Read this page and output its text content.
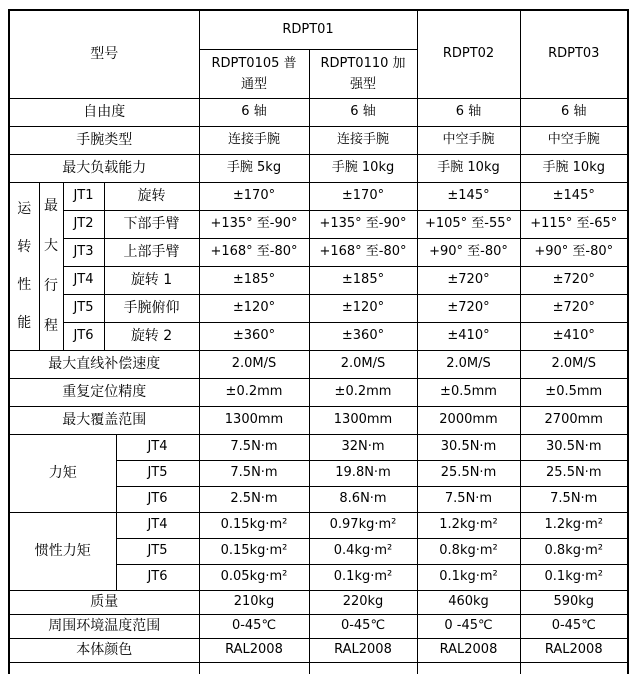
型号					RDPT01		RDPT02	RDPT03
					RDPT0105 普通型	RDPT0110 加强型		
自由度					6 轴	6 轴	6 轴	6 轴
手腕类型					连接手腕	连接手腕	中空手腕	中空手腕
最大负载能力					手腕 5kg	手腕 10kg	手腕 10kg	手腕 10kg

运转性能	最大行程	JT1	旋转		±170°	±170°	±145°	±145°
		JT2	下部手臂		+135° 至-90°	+135° 至-90°	+105° 至-55°	+115° 至-65°
		JT3	上部手臂		+168° 至-80°	+168° 至-80°	+90° 至-80°	+90° 至-80°
		JT4	旋转 1		±185°	±185°	±720°	±720°
		JT5	手腕俯仰		±120°	±120°	±720°	±720°
		JT6	旋转 2		±360°	±360°	±410°	±410°
最大直线补偿速度					2.0M/S	2.0M/S	2.0M/S	2.0M/S
重复定位精度					±0.2mm	±0.2mm	±0.5mm	±0.5mm
最大覆盖范围					1300mm	1300mm	2000mm	2700mm
力矩				JT4	7.5N·m	32N·m	30.5N·m	30.5N·m
				JT5	7.5N·m	19.8N·m	25.5N·m	25.5N·m
				JT6	2.5N·m	8.6N·m	7.5N·m	7.5N·m
惯性力矩				JT4	0.15kg·m²	0.97kg·m²	1.2kg·m²	1.2kg·m²
				JT5	0.15kg·m²	0.4kg·m²	0.8kg·m²	0.8kg·m²
				JT6	0.05kg·m²	0.1kg·m²	0.1kg·m²	0.1kg·m²
质量					210kg	220kg	460kg	590kg
周围环境温度范围					0-45℃	0-45℃	0 -45℃	0-45℃
本体颜色					RAL2008	RAL2008	RAL2008	RAL2008
